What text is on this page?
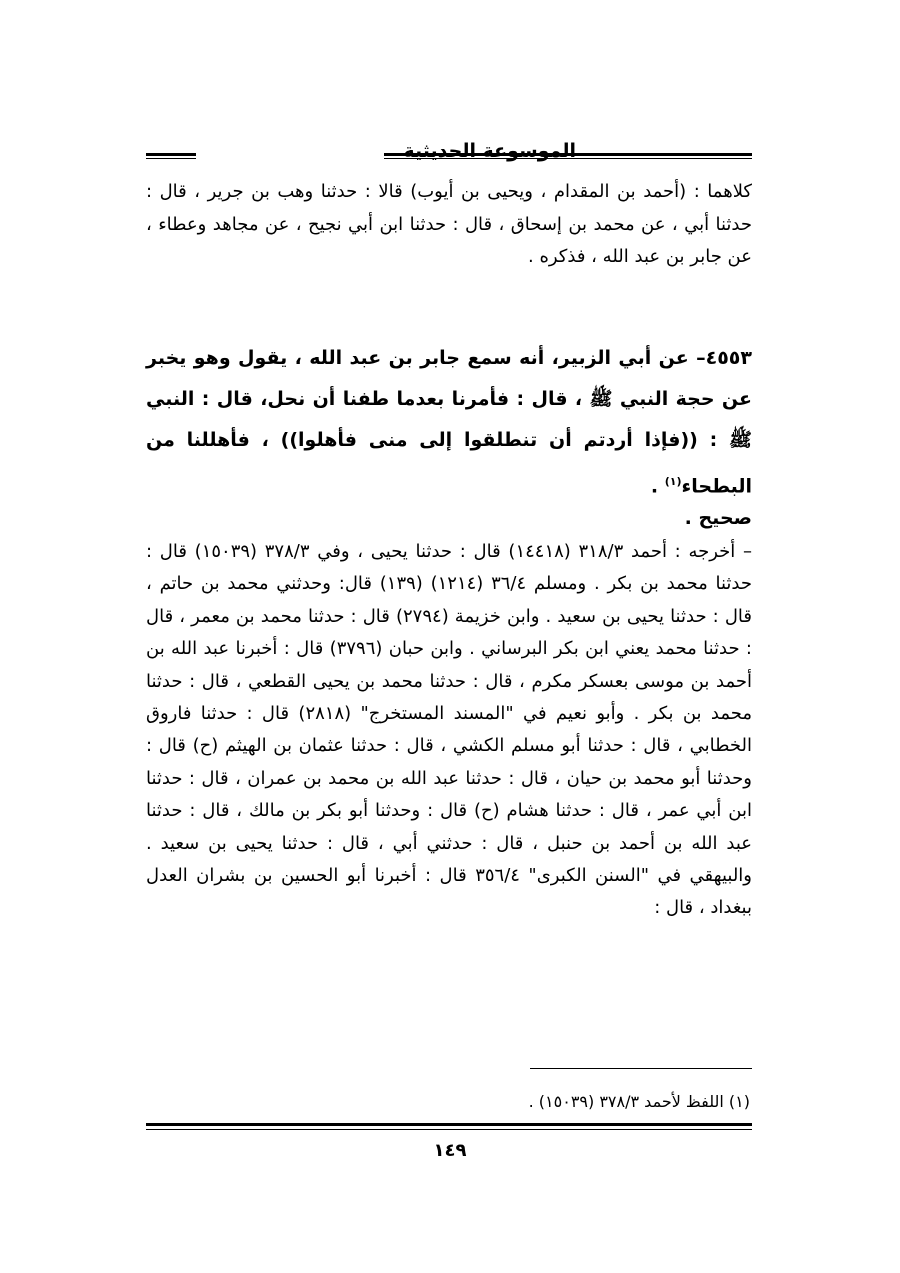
الموسوعة الحديثية
كلاهما : (أحمد بن المقدام ، ويحيى بن أيوب) قالا : حدثنا وهب بن جرير ، قال : حدثنا أبي ، عن محمد بن إسحاق ، قال : حدثنا ابن أبي نجيح ، عن مجاهد وعطاء ، عن جابر بن عبد الله ، فذكره .
٤٥٥٣– عن أبي الزبير، أنه سمع جابر بن عبد الله ، يقول وهو يخبر عن حجة النبي ﷺ ، قال : فأمرنا بعدما طفنا أن نحل، قال : النبي ﷺ : ((فإذا أردتم أن تنطلقوا إلى منى فأهلوا)) ، فأهللنا من البطحاء$^{(١)}$ .
صحيح .
– أخرجه : أحمد ٣١٨/٣ (١٤٤١٨) قال : حدثنا يحيى ، وفي ٣٧٨/٣ (١٥٠٣٩) قال : حدثنا محمد بن بكر . ومسلم ٣٦/٤ (١٢١٤) (١٣٩) قال: وحدثني محمد بن حاتم ، قال : حدثنا يحيى بن سعيد . وابن خزيمة (٢٧٩٤) قال : حدثنا محمد بن معمر ، قال : حدثنا محمد يعني ابن بكر البرساني . وابن حبان (٣٧٩٦) قال : أخبرنا عبد الله بن أحمد بن موسى بعسكر مكرم ، قال : حدثنا محمد بن يحيى القطعي ، قال : حدثنا محمد بن بكر . وأبو نعيم في "المسند المستخرج" (٢٨١٨) قال : حدثنا فاروق الخطابي ، قال : حدثنا أبو مسلم الكشي ، قال : حدثنا عثمان بن الهيثم (ح) قال : وحدثنا أبو محمد بن حيان ، قال : حدثنا عبد الله بن محمد بن عمران ، قال : حدثنا ابن أبي عمر ، قال : حدثنا هشام (ح) قال : وحدثنا أبو بكر بن مالك ، قال : حدثنا عبد الله بن أحمد بن حنبل ، قال : حدثني أبي ، قال : حدثنا يحيى بن سعيد . والبيهقي في "السنن الكبرى" ٣٥٦/٤ قال : أخبرنا أبو الحسين بن بشران العدل ببغداد ، قال :
(١) اللفظ لأحمد ٣٧٨/٣ (١٥٠٣٩) .
١٤٩
